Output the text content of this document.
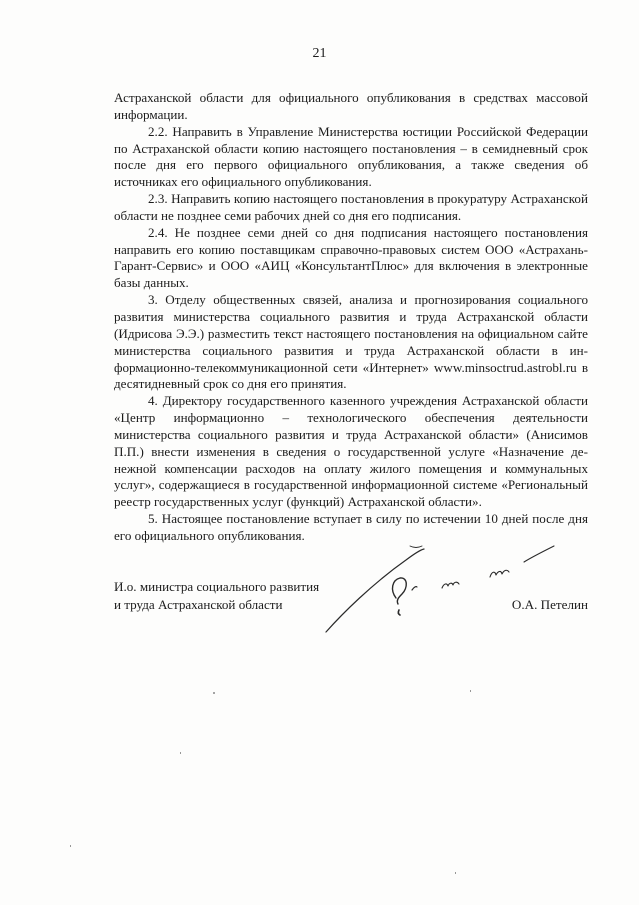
21

Астраханской области для официального опубликования в средствах массовой информации.

2.2. Направить в Управление Министерства юстиции Российской Федерации по Астраханской области копию настоящего постановления – в семидневный срок после дня его первого официального опубликования, а также сведения об источниках его официального опубликования.

2.3. Направить копию настоящего постановления в прокуратуру Астраханской области не позднее семи рабочих дней со дня его подписания.

2.4. Не позднее семи дней со дня подписания настоящего постановления направить его копию поставщикам справочно-правовых систем ООО «Астрахань-Гарант-Сервис» и ООО «АИЦ «КонсультантПлюс» для включения в электронные базы данных.

3. Отделу общественных связей, анализа и прогнозирования социального развития министерства социального развития и труда Астраханской области (Идрисова Э.Э.) разместить текст настоящего постановления на официальном сайте министерства социального развития и труда Астраханской области в информационно-телекоммуникационной сети «Интернет» www.minsoctrud.astrobl.ru в десятидневный срок со дня его принятия.

4. Директору государственного казенного учреждения Астраханской области «Центр информационно – технологического обеспечения деятельности министерства социального развития и труда Астраханской области» (Анисимов П.П.) внести изменения в сведения о государственной услуге «Назначение денежной компенсации расходов на оплату жилого помещения и коммунальных услуг», содержащиеся в государственной информационной системе «Региональный реестр государственных услуг (функций) Астраханской области».

5. Настоящее постановление вступает в силу по истечении 10 дней после дня его официального опубликования.

И.о. министра социального развития
и труда Астраханской области	О.А. Петелин
